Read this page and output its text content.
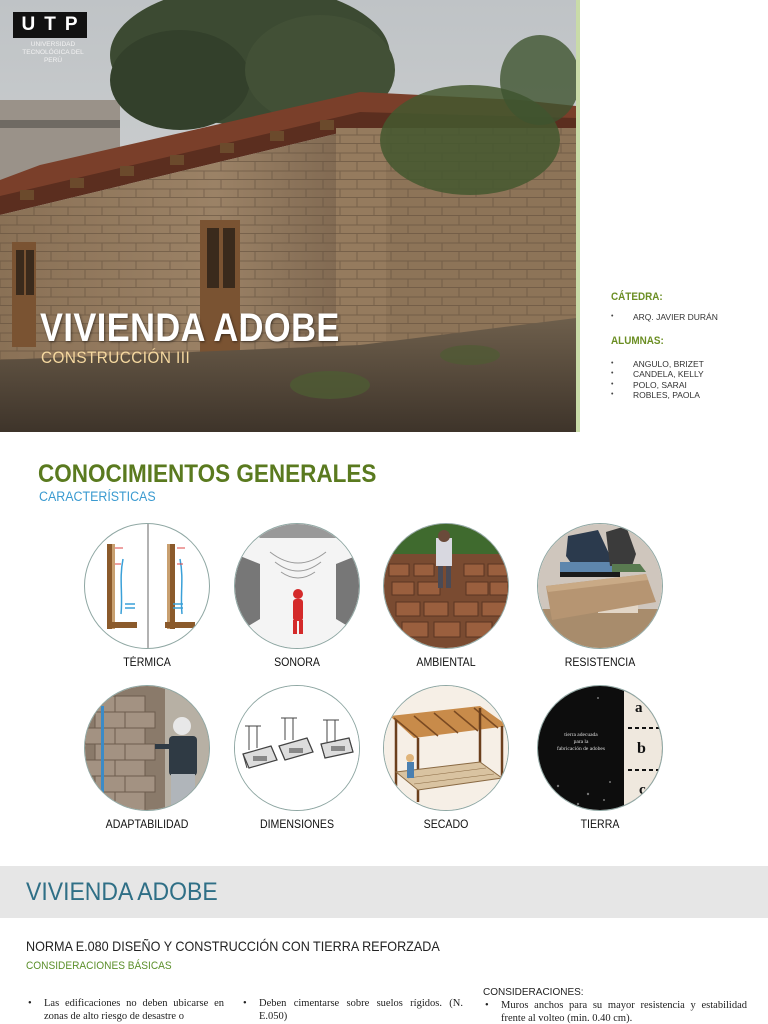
UTP
UNIVERSIDAD TECNOLÓGICA DEL PERÚ
VIVIENDA ADOBE
CONSTRUCCIÓN III
CÁTEDRA:
• ARQ. JAVIER DURÁN
ALUMNAS:
• ANGULO, BRIZET
• CANDELA, KELLY
• POLO, SARAI
• ROBLES, PAOLA
CONOCIMIENTOS GENERALES
CARACTERÍSTICAS
TÉRMICA	SONORA	AMBIENTAL	RESISTENCIA
ADAPTABILIDAD	DIMENSIONES	SECADO
tierra adecuada
para la
fabricación de adobes
a
b
c
TIERRA
VIVIENDA ADOBE
NORMA E.080 DISEÑO Y CONSTRUCCIÓN CON TIERRA REFORZADA
CONSIDERACIONES BÁSICAS
• Las edificaciones no deben ubicarse en zonas de alto riesgo de desastre o
• Deben cimentarse sobre suelos rígidos. (N. E.050)
CONSIDERACIONES:
• Muros anchos para su mayor resistencia y estabilidad frente al volteo (min. 0.40 cm).
